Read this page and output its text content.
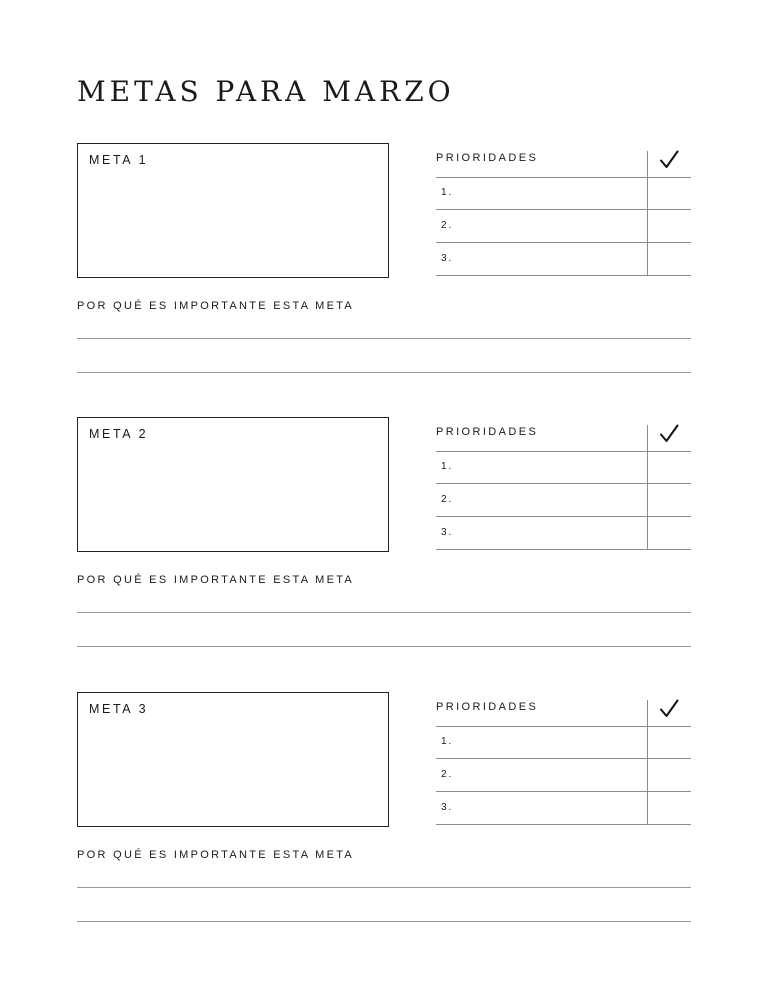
METAS PARA MARZO
META 1	PRIORIDADES
1.
2.
3.
POR QUÉ ES IMPORTANTE ESTA META
META 2	PRIORIDADES
1.
2.
3.
POR QUÉ ES IMPORTANTE ESTA META
META 3	PRIORIDADES
1.
2.
3.
POR QUÉ ES IMPORTANTE ESTA META
